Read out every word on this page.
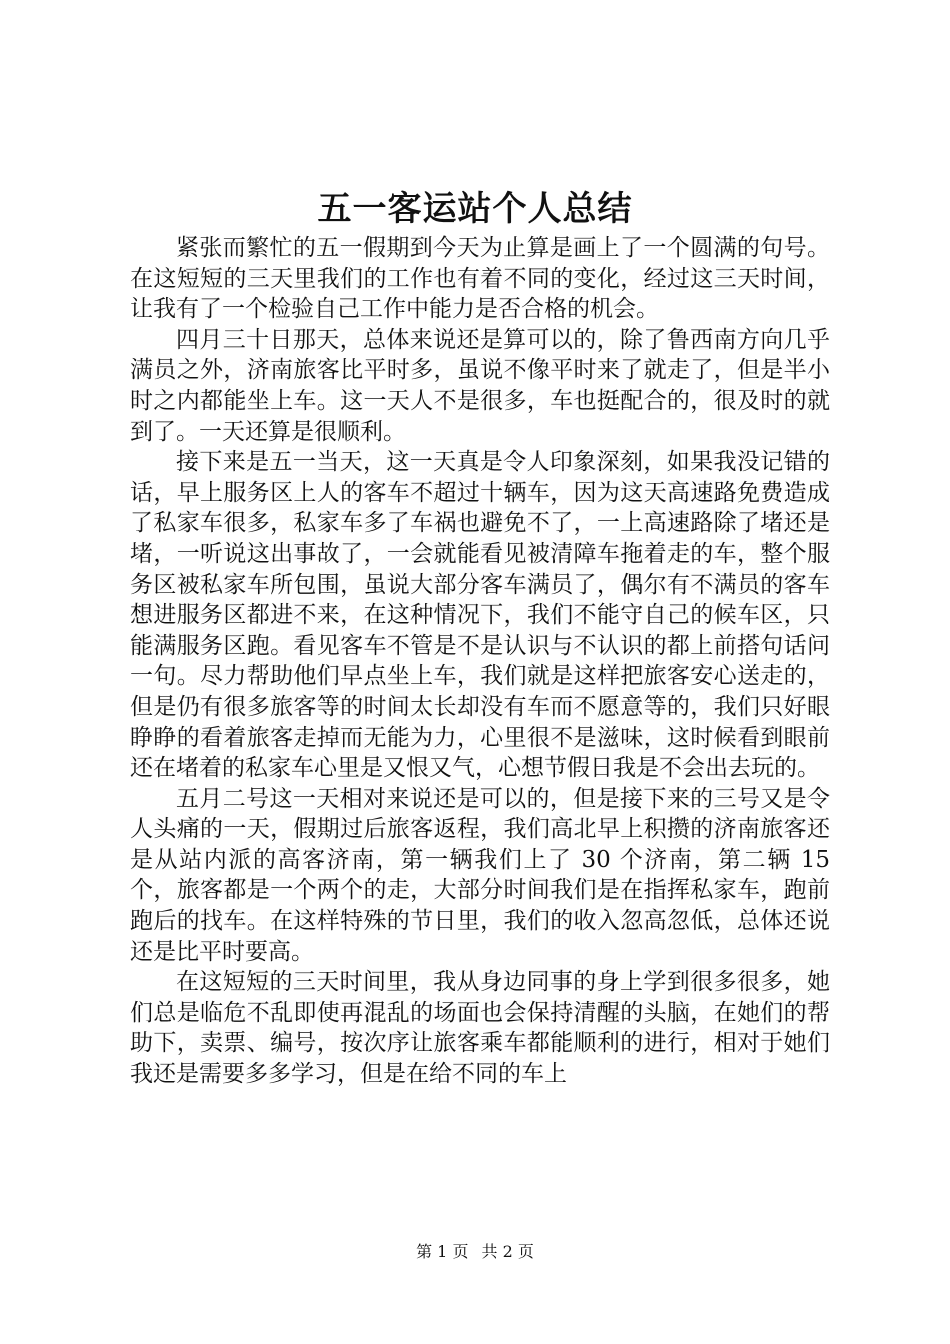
五一客运站个人总结

紧张而繁忙的五一假期到今天为止算是画上了一个圆满的句号。在这短短的三天里我们的工作也有着不同的变化，经过这三天时间，让我有了一个检验自己工作中能力是否合格的机会。

四月三十日那天，总体来说还是算可以的，除了鲁西南方向几乎满员之外，济南旅客比平时多，虽说不像平时来了就走了，但是半小时之内都能坐上车。这一天人不是很多，车也挺配合的，很及时的就到了。一天还算是很顺利。

接下来是五一当天，这一天真是令人印象深刻，如果我没记错的话，早上服务区上人的客车不超过十辆车，因为这天高速路免费造成了私家车很多，私家车多了车祸也避免不了，一上高速路除了堵还是堵，一听说这出事故了，一会就能看见被清障车拖着走的车，整个服务区被私家车所包围，虽说大部分客车满员了，偶尔有不满员的客车想进服务区都进不来，在这种情况下，我们不能守自己的候车区，只能满服务区跑。看见客车不管是不是认识与不认识的都上前搭句话问一句。尽力帮助他们早点坐上车，我们就是这样把旅客安心送走的，但是仍有很多旅客等的时间太长却没有车而不愿意等的，我们只好眼睁睁的看着旅客走掉而无能为力，心里很不是滋味，这时候看到眼前还在堵着的私家车心里是又恨又气，心想节假日我是不会出去玩的。

五月二号这一天相对来说还是可以的，但是接下来的三号又是令人头痛的一天，假期过后旅客返程，我们高北早上积攒的济南旅客还是从站内派的高客济南，第一辆我们上了 30 个济南，第二辆 15 个，旅客都是一个两个的走，大部分时间我们是在指挥私家车，跑前跑后的找车。在这样特殊的节日里，我们的收入忽高忽低，总体还说还是比平时要高。

在这短短的三天时间里，我从身边同事的身上学到很多很多，她们总是临危不乱即使再混乱的场面也会保持清醒的头脑，在她们的帮助下，卖票、编号，按次序让旅客乘车都能顺利的进行，相对于她们我还是需要多多学习，但是在给不同的车上

第 1 页 共 2 页
